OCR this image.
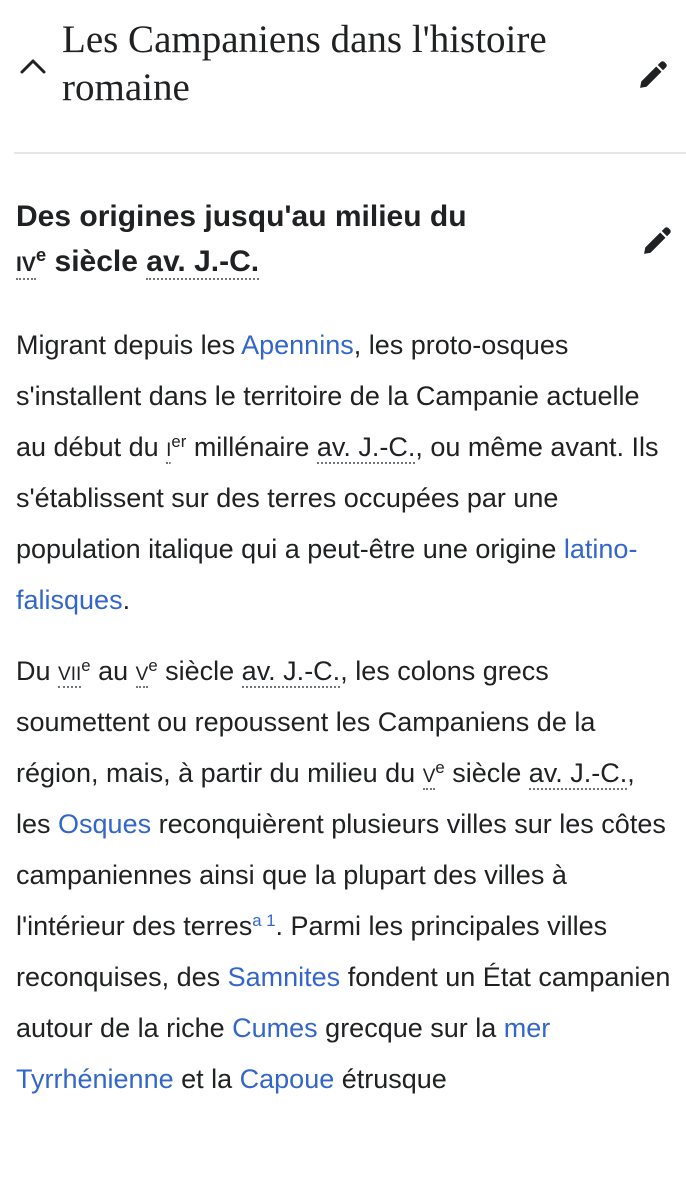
Les Campaniens dans l'histoire romaine
Des origines jusqu'au milieu du
$iv^e$ siècle av. J.-C.

Migrant depuis les Apennins, les proto-osques s'installent dans le territoire de la Campanie actuelle au début du $i^{er}$ millénaire av. J.-C., ou même avant. Ils s'établissent sur des terres occupées par une population italique qui a peut-être une origine latino-falisques.

Du vii$^e$ au $v^e$ siècle av. J.-C., les colons grecs soumettent ou repoussent les Campaniens de la région, mais, à partir du milieu du $v^e$ siècle av. J.-C., les Osques reconquièrent plusieurs villes sur les côtes campaniennes ainsi que la plupart des villes à l'intérieur des terres$^{a 1}$. Parmi les principales villes reconquises, des Samnites fondent un État campanien autour de la riche Cumes grecque sur la mer Tyrrhénienne et la Capoue étrusque
